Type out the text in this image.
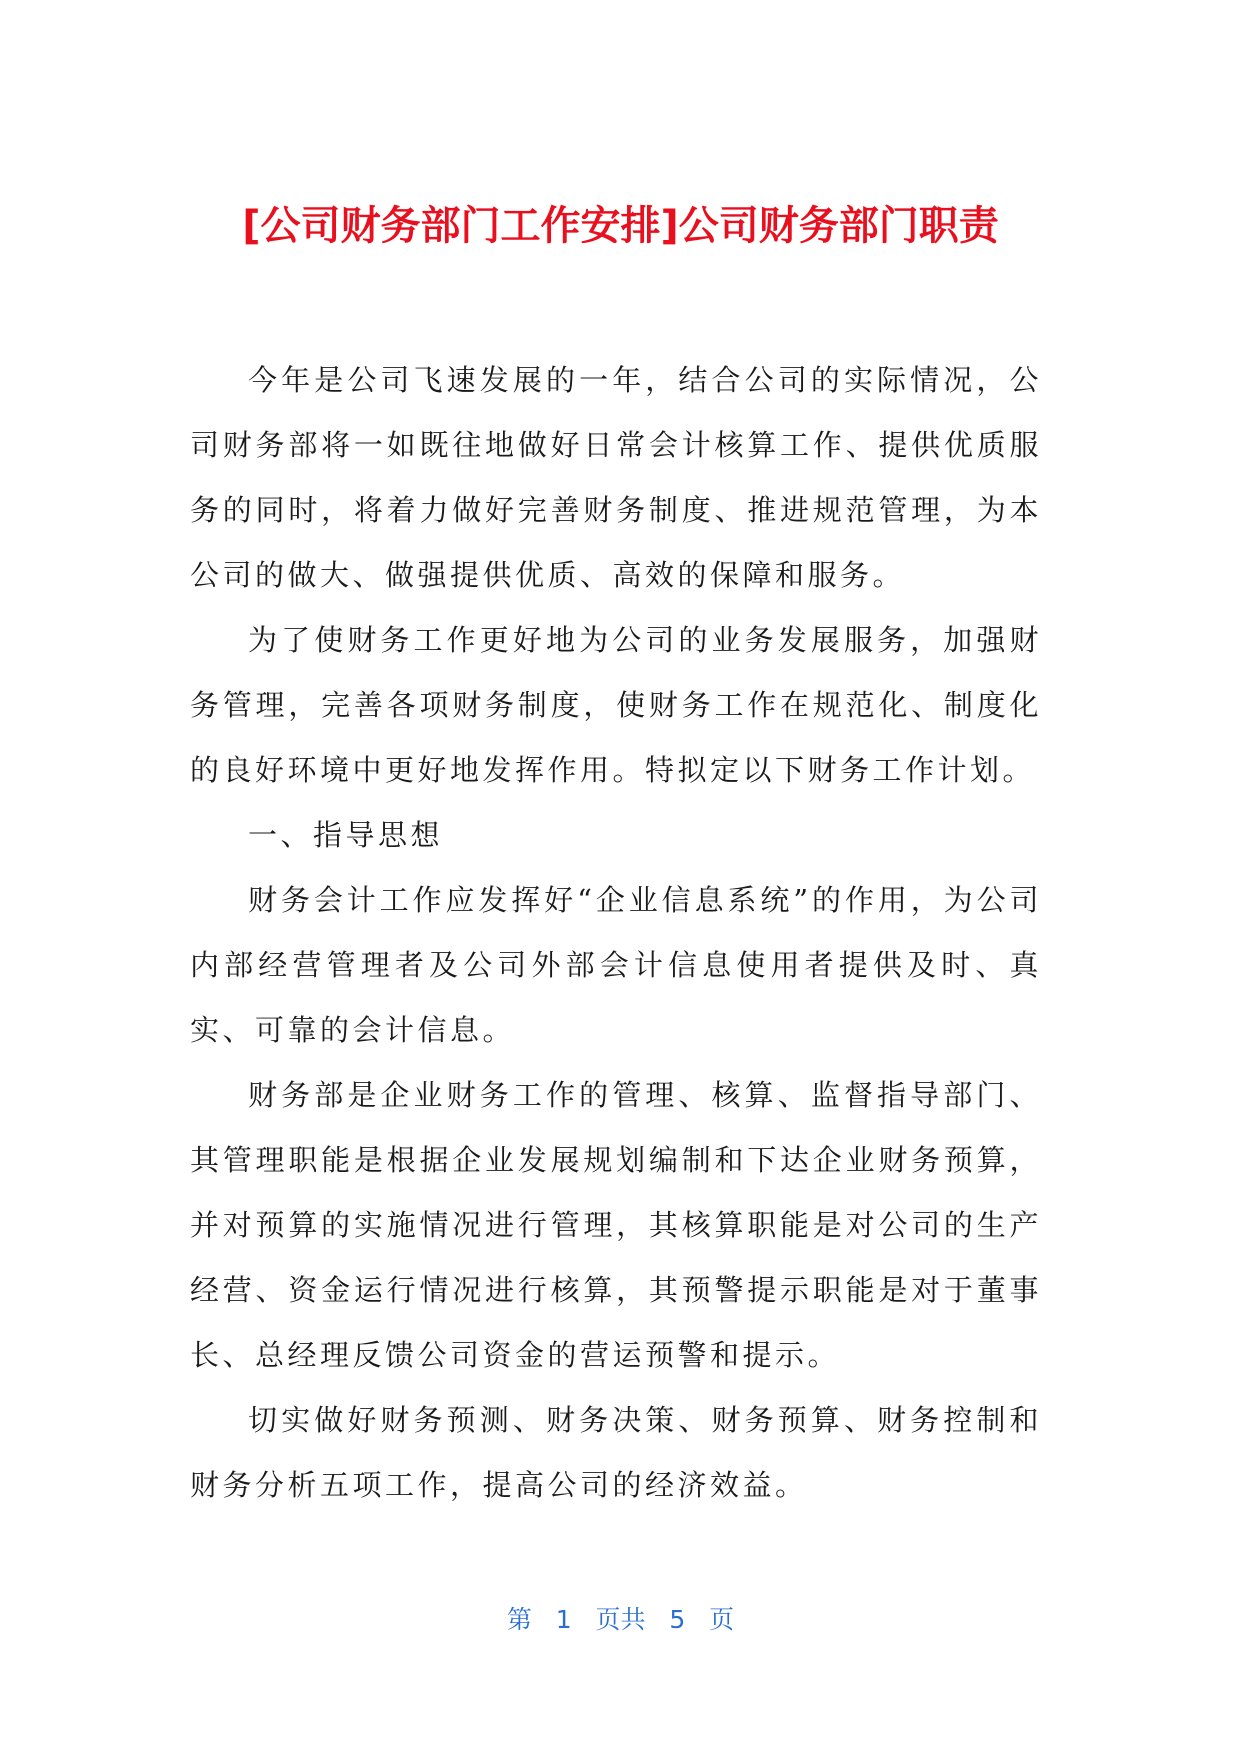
[公司财务部门工作安排]公司财务部门职责

今年是公司飞速发展的一年，结合公司的实际情况，公司财务部将一如既往地做好日常会计核算工作、提供优质服务的同时，将着力做好完善财务制度、推进规范管理，为本公司的做大、做强提供优质、高效的保障和服务。

为了使财务工作更好地为公司的业务发展服务，加强财务管理，完善各项财务制度，使财务工作在规范化、制度化的良好环境中更好地发挥作用。特拟定以下财务工作计划。

一、指导思想

财务会计工作应发挥好“企业信息系统”的作用，为公司内部经营管理者及公司外部会计信息使用者提供及时、真实、可靠的会计信息。

财务部是企业财务工作的管理、核算、监督指导部门、其管理职能是根据企业发展规划编制和下达企业财务预算，并对预算的实施情况进行管理，其核算职能是对公司的生产经营、资金运行情况进行核算，其预警提示职能是对于董事长、总经理反馈公司资金的营运预警和提示。

切实做好财务预测、财务决策、财务预算、财务控制和财务分析五项工作，提高公司的经济效益。

第 1 页共 5 页
